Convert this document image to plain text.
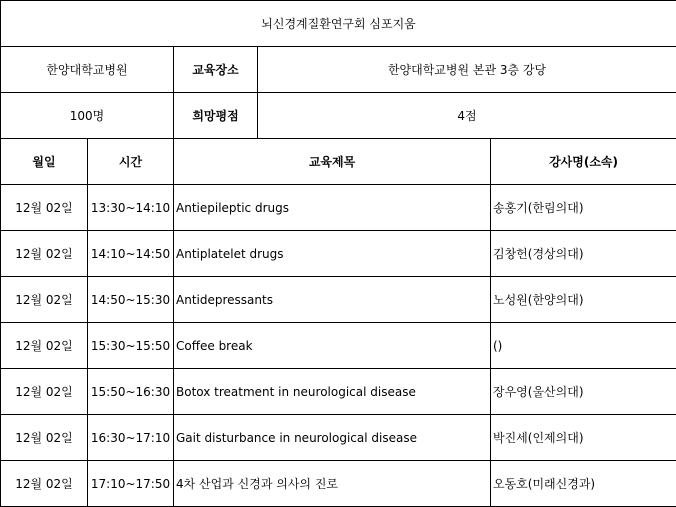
뇌신경계질환연구회 심포지움				
한양대학교병원		교육장소	한양대학교병원 본관 3층 강당	
100명		희망평점	4점	
월일	시간	교육제목		강사명(소속)
12월 02일	13:30~14:10	Antiepileptic drugs		송홍기(한림의대)
12월 02일	14:10~14:50	Antiplatelet drugs		김창헌(경상의대)
12월 02일	14:50~15:30	Antidepressants		노성원(한양의대)
12월 02일	15:30~15:50	Coffee break		()
12월 02일	15:50~16:30	Botox treatment in neurological disease		장우영(울산의대)
12월 02일	16:30~17:10	Gait disturbance in neurological disease		박진세(인제의대)
12월 02일	17:10~17:50	4차 산업과 신경과 의사의 진로		오동호(미래신경과)
